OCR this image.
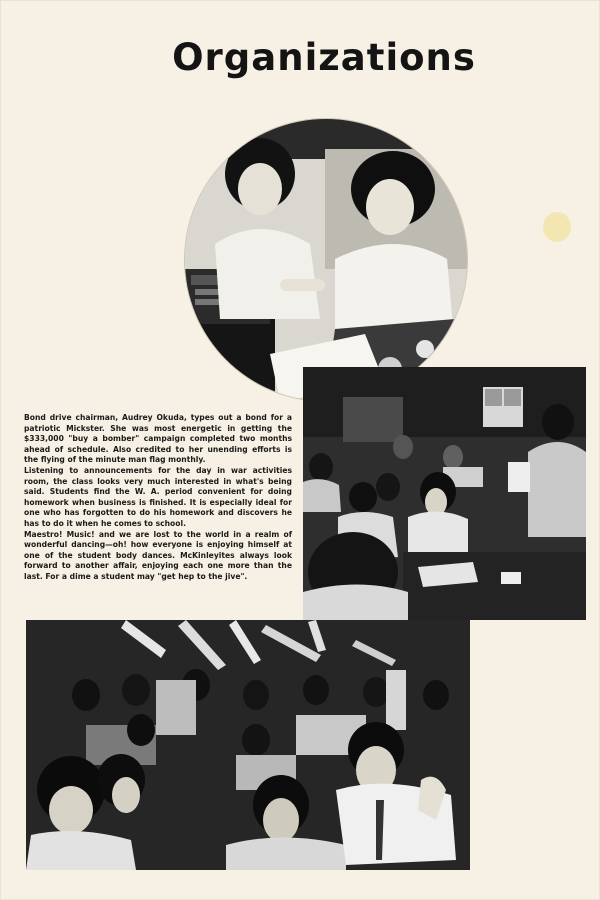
Organizations

Bond drive chairman, Audrey Okuda, types out a bond for a patriotic Mickster. She was most energetic in getting the $333,000 "buy a bomber" campaign completed two months ahead of schedule. Also credited to her unending efforts is the flying of the minute man flag monthly.

Listening to announcements for the day in war activities room, the class looks very much interested in what's being said. Students find the W. A. period convenient for doing homework when business is finished. It is especially ideal for one who has forgotten to do his homework and discovers he has to do it when he comes to school.

Maestro! Music! and we are lost to the world in a realm of wonderful dancing—oh! how everyone is enjoying himself at one of the student body dances. McKinleyites always look forward to another affair, enjoying each one more than the last. For a dime a student may "get hep to the jive".
